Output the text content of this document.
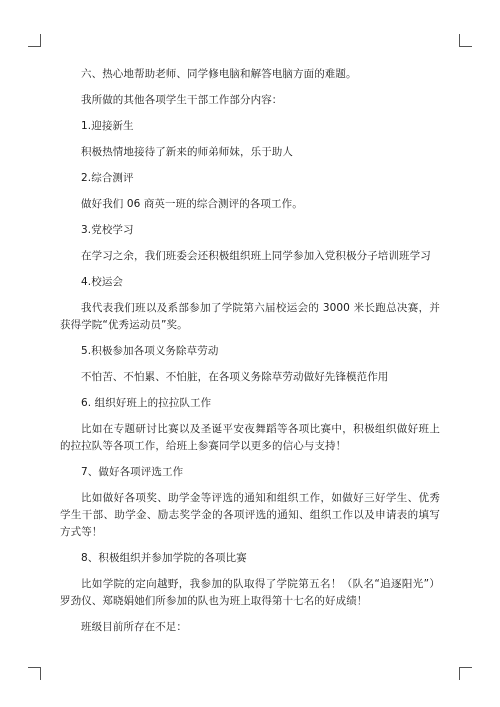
六、热心地帮助老师、同学修电脑和解答电脑方面的难题。

我所做的其他各项学生干部工作部分内容：

1.迎接新生

积极热情地接待了新来的师弟师妹，乐于助人

2.综合测评

做好我们 06 商英一班的综合测评的各项工作。

3.党校学习

在学习之余，我们班委会还积极组织班上同学参加入党积极分子培训班学习

4.校运会

我代表我们班以及系部参加了学院第六届校运会的 3000 米长跑总决赛，并获得学院“优秀运动员”奖。

5.积极参加各项义务除草劳动

不怕苦、不怕累、不怕脏，在各项义务除草劳动做好先锋模范作用

6. 组织好班上的拉拉队工作

比如在专题研讨比赛以及圣诞平安夜舞蹈等各项比赛中，积极组织做好班上的拉拉队等各项工作，给班上参赛同学以更多的信心与支持！

7、做好各项评选工作

比如做好各项奖、助学金等评选的通知和组织工作，如做好三好学生、优秀学生干部、助学金、励志奖学金的各项评选的通知、组织工作以及申请表的填写方式等！

8、积极组织并参加学院的各项比赛

比如学院的定向越野，我参加的队取得了学院第五名！（队名“追逐阳光”）罗劲仪、郑晓娟她们所参加的队也为班上取得第十七名的好成绩！

班级目前所存在不足：
